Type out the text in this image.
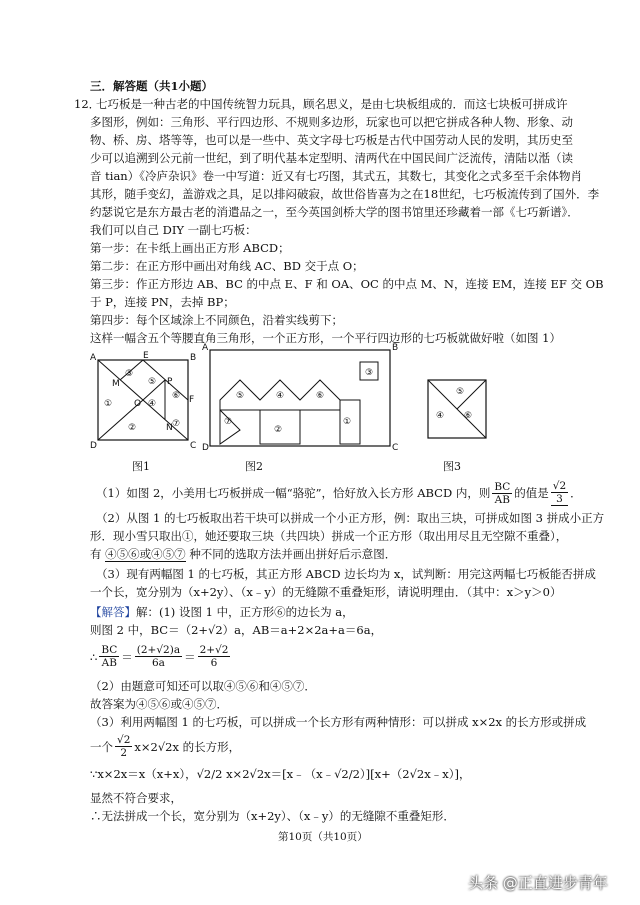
三．解答题（共1小题）
12．
七巧板是一种古老的中国传统智力玩具，顾名思义，是由七块板组成的．而这七块板可拼成许
多图形，例如：三角形、平行四边形、不规则多边形，玩家也可以把它拼成各种人物、形象、动
物、桥、房、塔等等，也可以是一些中、英文字母七巧板是古代中国劳动人民的发明，其历史至
少可以追溯到公元前一世纪，到了明代基本定型明、清两代在中国民间广泛流传，清陆以湉（读
音 tian）《冷庐杂识》卷一中写道：近又有七巧图，其式五，其数七，其变化之式多至千余体物肖
其形，随手变幻，盖游戏之具，足以排闷破寂，故世俗皆喜为之在18世纪，七巧板流传到了国外．李
约瑟说它是东方最古老的消遣品之一，至今英国剑桥大学的图书馆里还珍藏着一部《七巧新谱》．
我们可以自己 DIY 一副七巧板：
第一步：在卡纸上画出正方形 ABCD；
第二步：在正方形中画出对角线 AC、BD 交于点 O；
第三步：作正方形边 AB、BC 的中点 E、F 和 OA、OC 的中点 M、N，连接 EM，连接 EF 交 OB
于 P，连接 PN，去掉 BP；
第四步：每个区域涂上不同颜色，沿着实线剪下；
这样一幅含五个等腰直角三角形，一个正方形，一个平行四边形的七巧板就做好啦（如图 1）
A	E	B
M	P
O	F
N
D	C
①
③
⑤
④
⑥
②	⑦
图1
A	B
D	C
⑤	④	⑥
⑦
②
①
③
图2
⑤
④ ⑥
图3
（1）如图 2，小美用七巧板拼成一幅“骆驼”，恰好放入长方形 ABCD 内，则 $\frac{BC}{AB}$ 的值是 $\frac{√2}{3}$ ．
（2）从图 1 的七巧板取出若干块可以拼成一个小正方形，例：取出三块，可拼成如图 3 拼成小正方
形．现小雪只取出①，她还要取三块（共四块）拼成一个正方形（取出用尽且无空隙不重叠），
有 ④⑤⑥或④⑤⑦ 种不同的选取方法并画出拼好后示意图．
（3）现有两幅图 1 的七巧板，其正方形 ABCD 边长均为 x，试判断：用完这两幅七巧板能否拼成
一个长，宽分别为（x+2y）、（x﹣y）的无缝隙不重叠矩形，请说明理由．（其中：x＞y＞0）
【解答】解：(1) 设图 1 中，正方形⑥的边长为 a，
则图 2 中，BC＝（2+√2）a，AB＝a+2×2a+a＝6a，
∴ $\frac{BC}{AB} = \frac{(2+√2)a}{6a} = \frac{2+√2}{6}$
（2）由题意可知还可以取④⑤⑥和④⑤⑦．
故答案为④⑤⑥或④⑤⑦．
（3）利用两幅图 1 的七巧板，可以拼成一个长方形有两种情形：可以拼成 x×2x 的长方形或拼成
一个 $\frac{√2}{2} x\times 2√2x$ 的长方形，
∵x×2x＝x（x+x），√2/2 x×2√2x＝[x﹣（x﹣√2/2）][x+（2√2x﹣x）]，
显然不符合要求，
∴无法拼成一个长，宽分别为（x+2y）、（x﹣y）的无缝隙不重叠矩形．
第10页（共10页）
头条 @正直进步青年
